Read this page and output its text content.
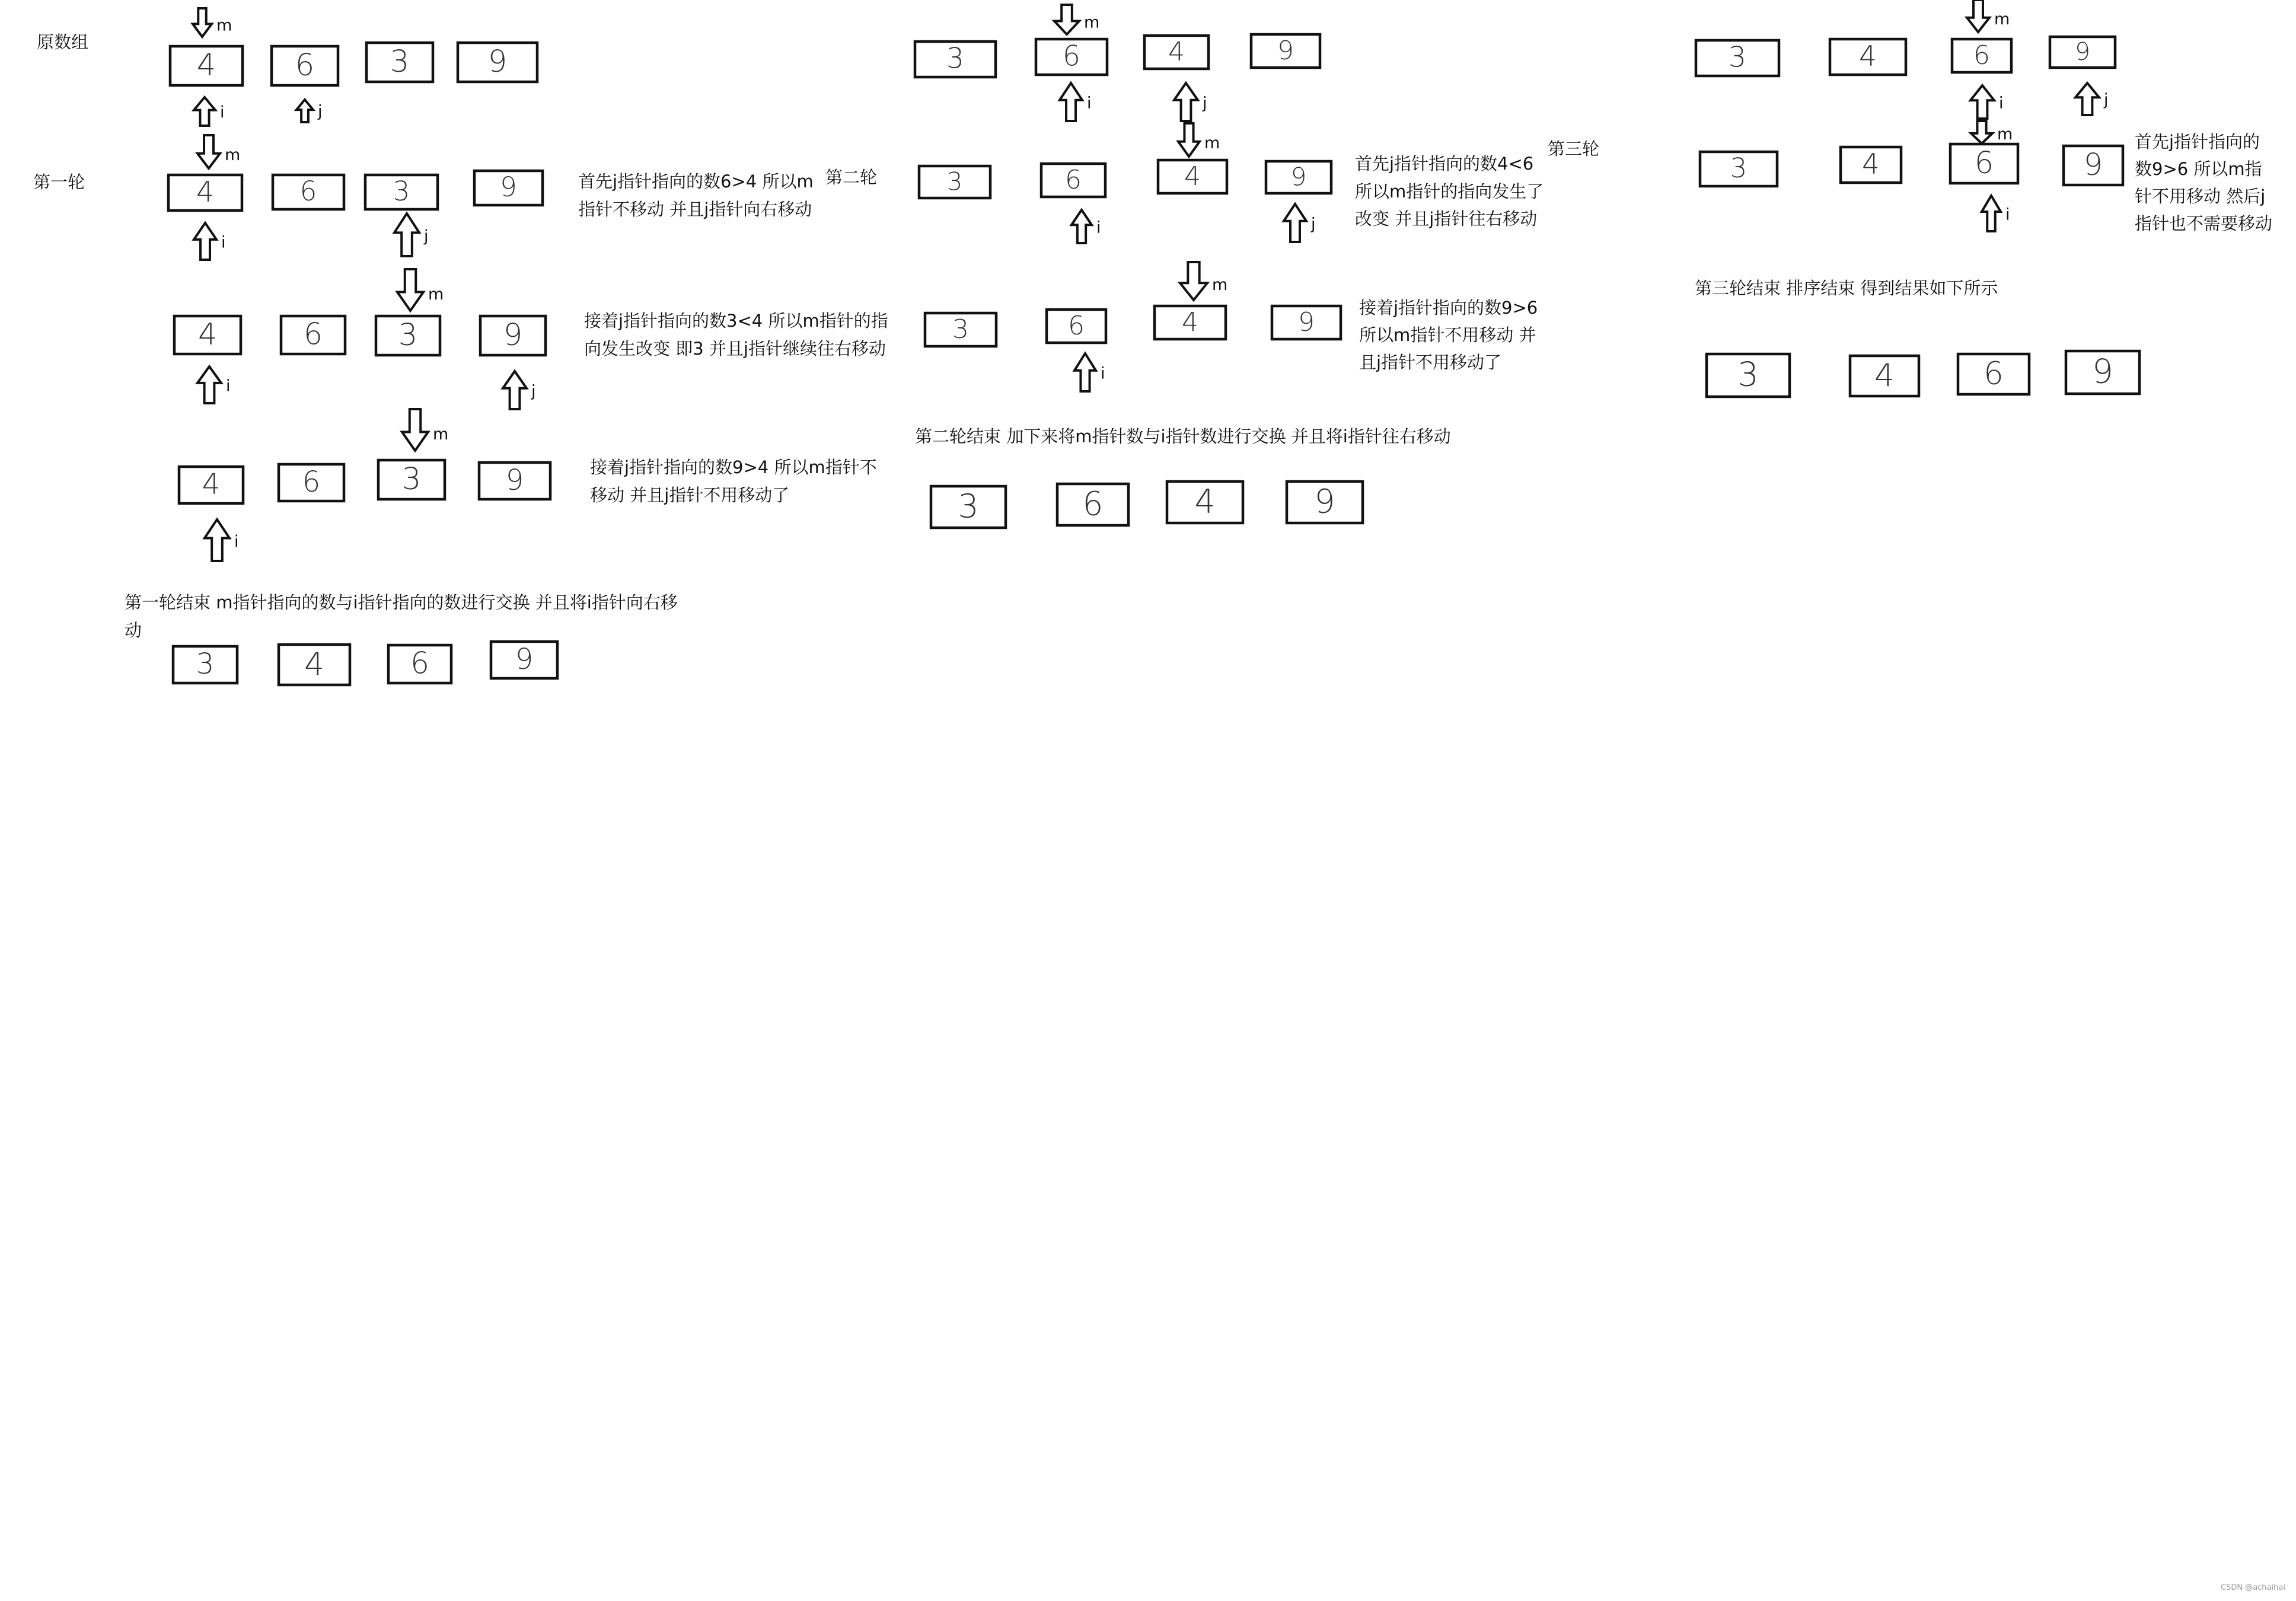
4	6	3	9
4	6	3	9
4	6	3	9
4	6	3	9
3	6	4	9
3	6	4	9
3	6	4	9
3	6	4	9
3	4	6	9
3	4	6	9
3	4	6	9
3	4	6	9
m
i	j
m
i	j
m
i	j
m
i
m
i	j
m
i	j
m
i
m
i	j
m
i
原数组
第一轮	第二轮
第三轮
首先j指针指向的数6>4 所以m
指针不移动 并且j指针向右移动
接着j指针指向的数3<4 所以m指针的指
向发生改变 即3 并且j指针继续往右移动
接着j指针指向的数9>4 所以m指针不
移动 并且j指针不用移动了
第一轮结束 m指针指向的数与i指针指向的数进行交换 并且将i指针向右移
动
首先j指针指向的数4<6
所以m指针的指向发生了
改变 并且j指针往右移动
接着j指针指向的数9>6
所以m指针不用移动 并
且j指针不用移动了
第二轮结束 加下来将m指针数与i指针数进行交换 并且将i指针往右移动
首先j指针指向的
数9>6 所以m指
针不用移动 然后j
指针也不需要移动
第三轮结束 排序结束 得到结果如下所示
CSDN @achaihai
